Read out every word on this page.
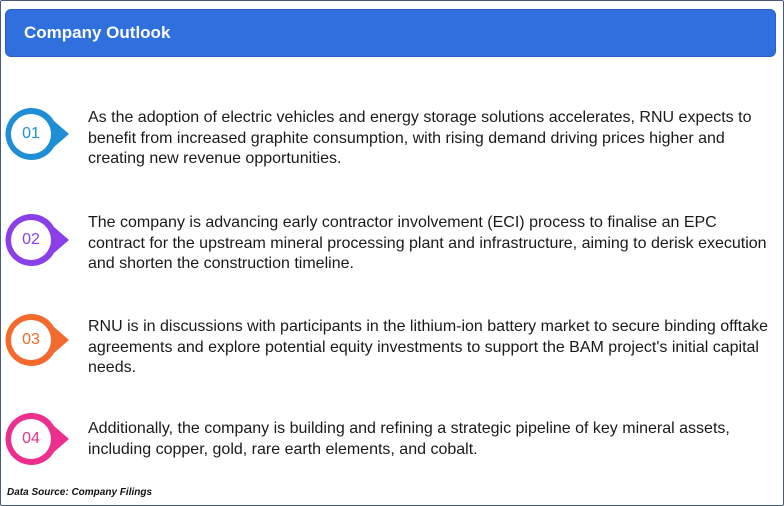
Company Outlook
01
As the adoption of electric vehicles and energy storage solutions accelerates, RNU expects to benefit from increased graphite consumption, with rising demand driving prices higher and creating new revenue opportunities.
02
The company is advancing early contractor involvement (ECI) process to finalise an EPC contract for the upstream mineral processing plant and infrastructure, aiming to derisk execution and shorten the construction timeline.
03
RNU is in discussions with participants in the lithium-ion battery market to secure binding offtake agreements and explore potential equity investments to support the BAM project's initial capital needs.
04
Additionally, the company is building and refining a strategic pipeline of key mineral assets, including copper, gold, rare earth elements, and cobalt.
Data Source: Company Filings
